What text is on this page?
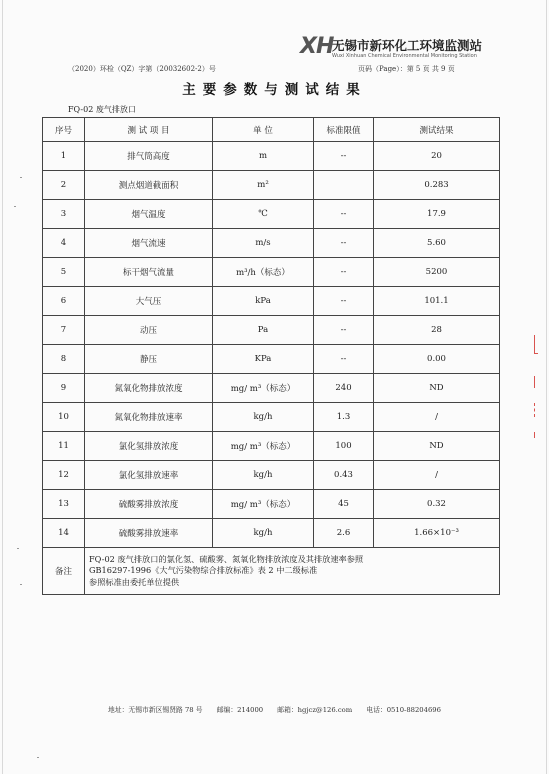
XH
无锡市新环化工环境监测站
Wuxi Xinhuan Chemical Environmental Monitoring Station
（2020）环检（QZ）字第（20032602-2）号	页码（Page）：第 5 页 共 9 页
主要参数与测试结果
FQ-02 废气排放口
序号	测 试 项 目	单 位	标准限值	测试结果
1	排气筒高度	m	--	20
2	测点烟道截面积	m²		0.283
3	烟气温度	℃	--	17.9
4	烟气流速	m/s	--	5.60
5	标干烟气流量	m³/h（标态）	--	5200
6	大气压	kPa	--	101.1
7	动压	Pa	--	28
8	静压	KPa	--	0.00
9	氮氧化物排放浓度	mg/ m³（标态）	240	ND
10	氮氧化物排放速率	kg/h	1.3	/
11	氯化氢排放浓度	mg/ m³（标态）	100	ND
12	氯化氢排放速率	kg/h	0.43	/
13	硫酸雾排放浓度	mg/ m³（标态）	45	0.32
14	硫酸雾排放速率	kg/h	2.6	1.66×10⁻³
备注	FQ-02 废气排放口的氯化氢、硫酸雾、氮氧化物排放浓度及其排放速率参照
GB16297-1996《大气污染物综合排放标准》表 2 中二级标准
参照标准由委托单位提供			
地址：无锡市新区锡贤路 78 号 邮编：214000 邮箱：hgjcz@126.com 电话：0510-88204696
